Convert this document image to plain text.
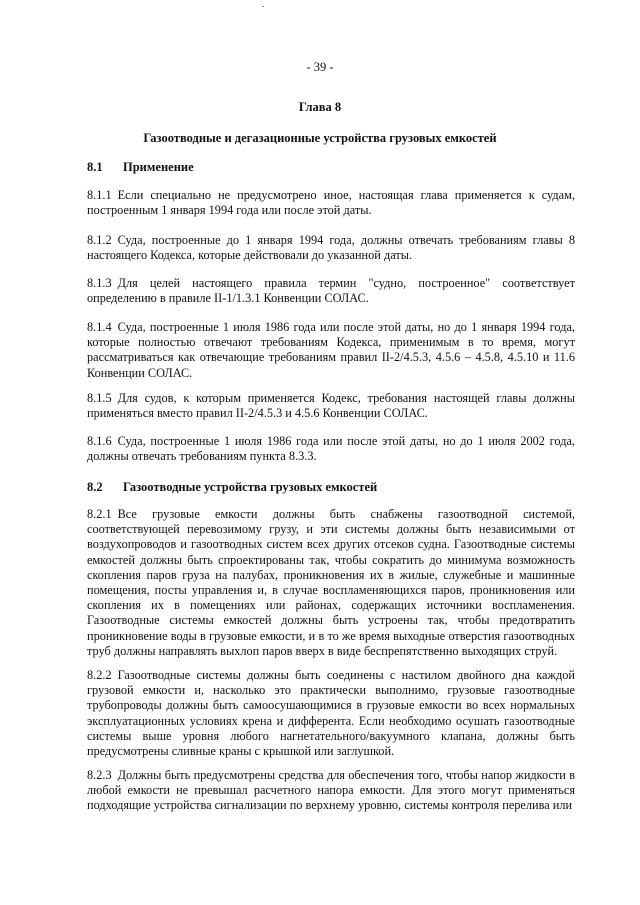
- 39 -
Глава 8
Газоотводные и дегазационные устройства грузовых емкостей
8.1 Применение
8.1.1 Если специально не предусмотрено иное, настоящая глава применяется к судам, построенным 1 января 1994 года или после этой даты.
8.1.2 Суда, построенные до 1 января 1994 года, должны отвечать требованиям главы 8 настоящего Кодекса, которые действовали до указанной даты.
8.1.3 Для целей настоящего правила термин "судно, построенное" соответствует определению в правиле II-1/1.3.1 Конвенции СОЛАС.
8.1.4 Суда, построенные 1 июля 1986 года или после этой даты, но до 1 января 1994 года, которые полностью отвечают требованиям Кодекса, применимым в то время, могут рассматриваться как отвечающие требованиям правил II-2/4.5.3, 4.5.6 – 4.5.8, 4.5.10 и 11.6 Конвенции СОЛАС.
8.1.5 Для судов, к которым применяется Кодекс, требования настоящей главы должны применяться вместо правил II-2/4.5.3 и 4.5.6 Конвенции СОЛАС.
8.1.6 Суда, построенные 1 июля 1986 года или после этой даты, но до 1 июля 2002 года, должны отвечать требованиям пункта 8.3.3.
8.2 Газоотводные устройства грузовых емкостей
8.2.1 Все грузовые емкости должны быть снабжены газоотводной системой, соответствующей перевозимому грузу, и эти системы должны быть независимыми от воздухопроводов и газоотводных систем всех других отсеков судна. Газоотводные системы емкостей должны быть спроектированы так, чтобы сократить до минимума возможность скопления паров груза на палубах, проникновения их в жилые, служебные и машинные помещения, посты управления и, в случае воспламеняющихся паров, проникновения или скопления их в помещениях или районах, содержащих источники воспламенения. Газоотводные системы емкостей должны быть устроены так, чтобы предотвратить проникновение воды в грузовые емкости, и в то же время выходные отверстия газоотводных труб должны направлять выхлоп паров вверх в виде беспрепятственно выходящих струй.
8.2.2 Газоотводные системы должны быть соединены с настилом двойного дна каждой грузовой емкости и, насколько это практически выполнимо, грузовые газоотводные трубопроводы должны быть самоосушающимися в грузовые емкости во всех нормальных эксплуатационных условиях крена и дифферента. Если необходимо осушать газоотводные системы выше уровня любого нагнетательного/вакуумного клапана, должны быть предусмотрены сливные краны с крышкой или заглушкой.
8.2.3 Должны быть предусмотрены средства для обеспечения того, чтобы напор жидкости в любой емкости не превышал расчетного напора емкости. Для этого могут применяться подходящие устройства сигнализации по верхнему уровню, системы контроля перелива или
